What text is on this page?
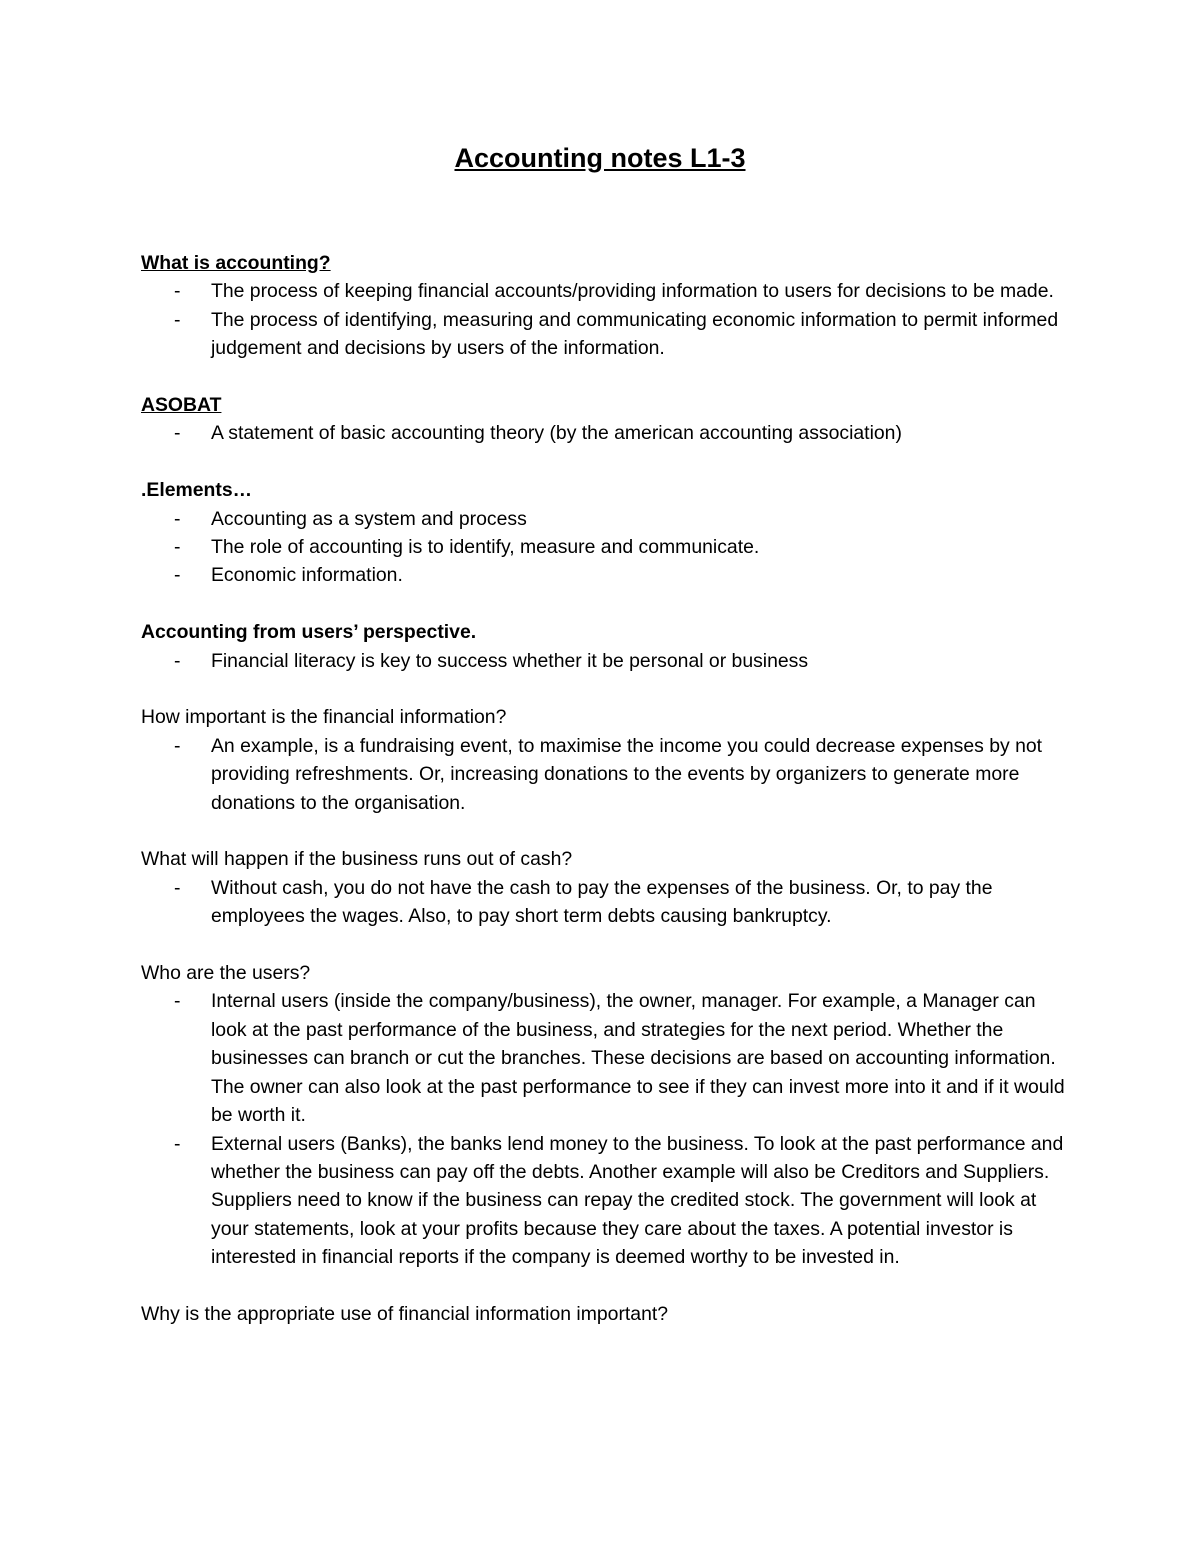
Accounting notes L1-3

What is accounting?

- The process of keeping financial accounts/providing information to users for decisions to be made.
- The process of identifying, measuring and communicating economic information to permit informed judgement and decisions by users of the information.

ASOBAT

- A statement of basic accounting theory (by the american accounting association)

.Elements…

- Accounting as a system and process
- The role of accounting is to identify, measure and communicate.
- Economic information.

Accounting from users’ perspective.

- Financial literacy is key to success whether it be personal or business

How important is the financial information?

- An example, is a fundraising event, to maximise the income you could decrease expenses by not providing refreshments. Or, increasing donations to the events by organizers to generate more donations to the organisation.

What will happen if the business runs out of cash?

- Without cash, you do not have the cash to pay the expenses of the business. Or, to pay the employees the wages. Also, to pay short term debts causing bankruptcy.

Who are the users?

- Internal users (inside the company/business), the owner, manager. For example, a Manager can look at the past performance of the business, and strategies for the next period. Whether the businesses can branch or cut the branches. These decisions are based on accounting information. The owner can also look at the past performance to see if they can invest more into it and if it would be worth it.
- External users (Banks), the banks lend money to the business. To look at the past performance and whether the business can pay off the debts. Another example will also be Creditors and Suppliers. Suppliers need to know if the business can repay the credited stock. The government will look at your statements, look at your profits because they care about the taxes. A potential investor is interested in financial reports if the company is deemed worthy to be invested in.

Why is the appropriate use of financial information important?
